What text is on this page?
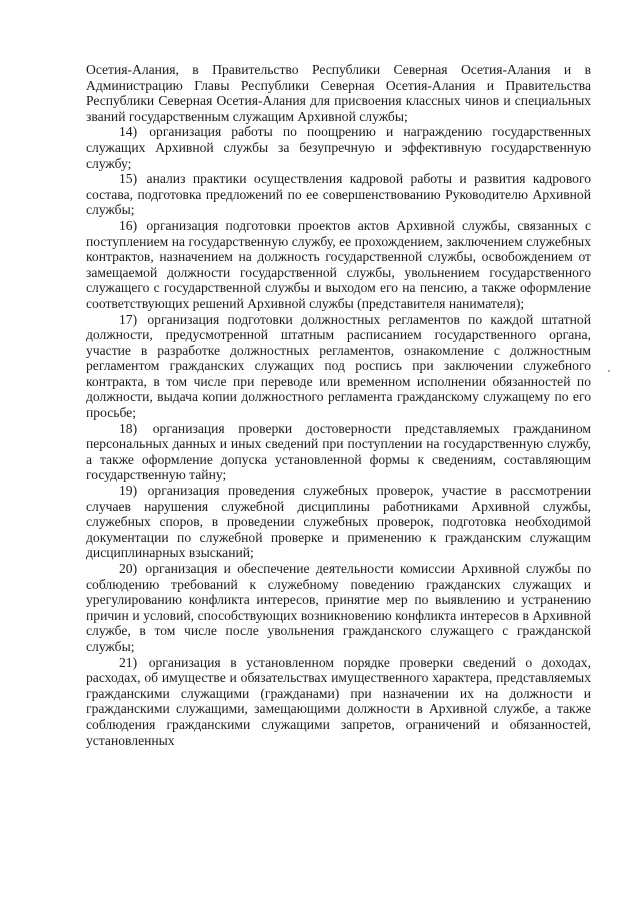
Осетия-Алания, в Правительство Республики Северная Осетия-Алания и в Администрацию Главы Республики Северная Осетия-Алания и Правительства Республики Северная Осетия-Алания для присвоения классных чинов и специальных званий государственным служащим Архивной службы;

14) организация работы по поощрению и награждению государственных служащих Архивной службы за безупречную и эффективную государственную службу;

15) анализ практики осуществления кадровой работы и развития кадрового состава, подготовка предложений по ее совершенствованию Руководителю Архивной службы;

16) организация подготовки проектов актов Архивной службы, связанных с поступлением на государственную службу, ее прохождением, заключением служебных контрактов, назначением на должность государственной службы, освобождением от замещаемой должности государственной службы, увольнением государственного служащего с государственной службы и выходом его на пенсию, а также оформление соответствующих решений Архивной службы (представителя нанимателя);

17) организация подготовки должностных регламентов по каждой штатной должности, предусмотренной штатным расписанием государственного органа, участие в разработке должностных регламентов, ознакомление с должностным регламентом гражданских служащих под роспись при заключении служебного контракта, в том числе при переводе или временном исполнении обязанностей по должности, выдача копии должностного регламента гражданскому служащему по его просьбе;

18) организация проверки достоверности представляемых гражданином персональных данных и иных сведений при поступлении на государственную службу, а также оформление допуска установленной формы к сведениям, составляющим государственную тайну;

19) организация проведения служебных проверок, участие в рассмотрении случаев нарушения служебной дисциплины работниками Архивной службы, служебных споров, в проведении служебных проверок, подготовка необходимой документации по служебной проверке и применению к гражданским служащим дисциплинарных взысканий;

20) организация и обеспечение деятельности комиссии Архивной службы по соблюдению требований к служебному поведению гражданских служащих и урегулированию конфликта интересов, принятие мер по выявлению и устранению причин и условий, способствующих возникновению конфликта интересов в Архивной службе, в том числе после увольнения гражданского служащего с гражданской службы;

21) организация в установленном порядке проверки сведений о доходах, расходах, об имуществе и обязательствах имущественного характера, представляемых гражданскими служащими (гражданами) при назначении их на должности и гражданскими служащими, замещающими должности в Архивной службе, а также соблюдения гражданскими служащими запретов, ограничений и обязанностей, установленных
